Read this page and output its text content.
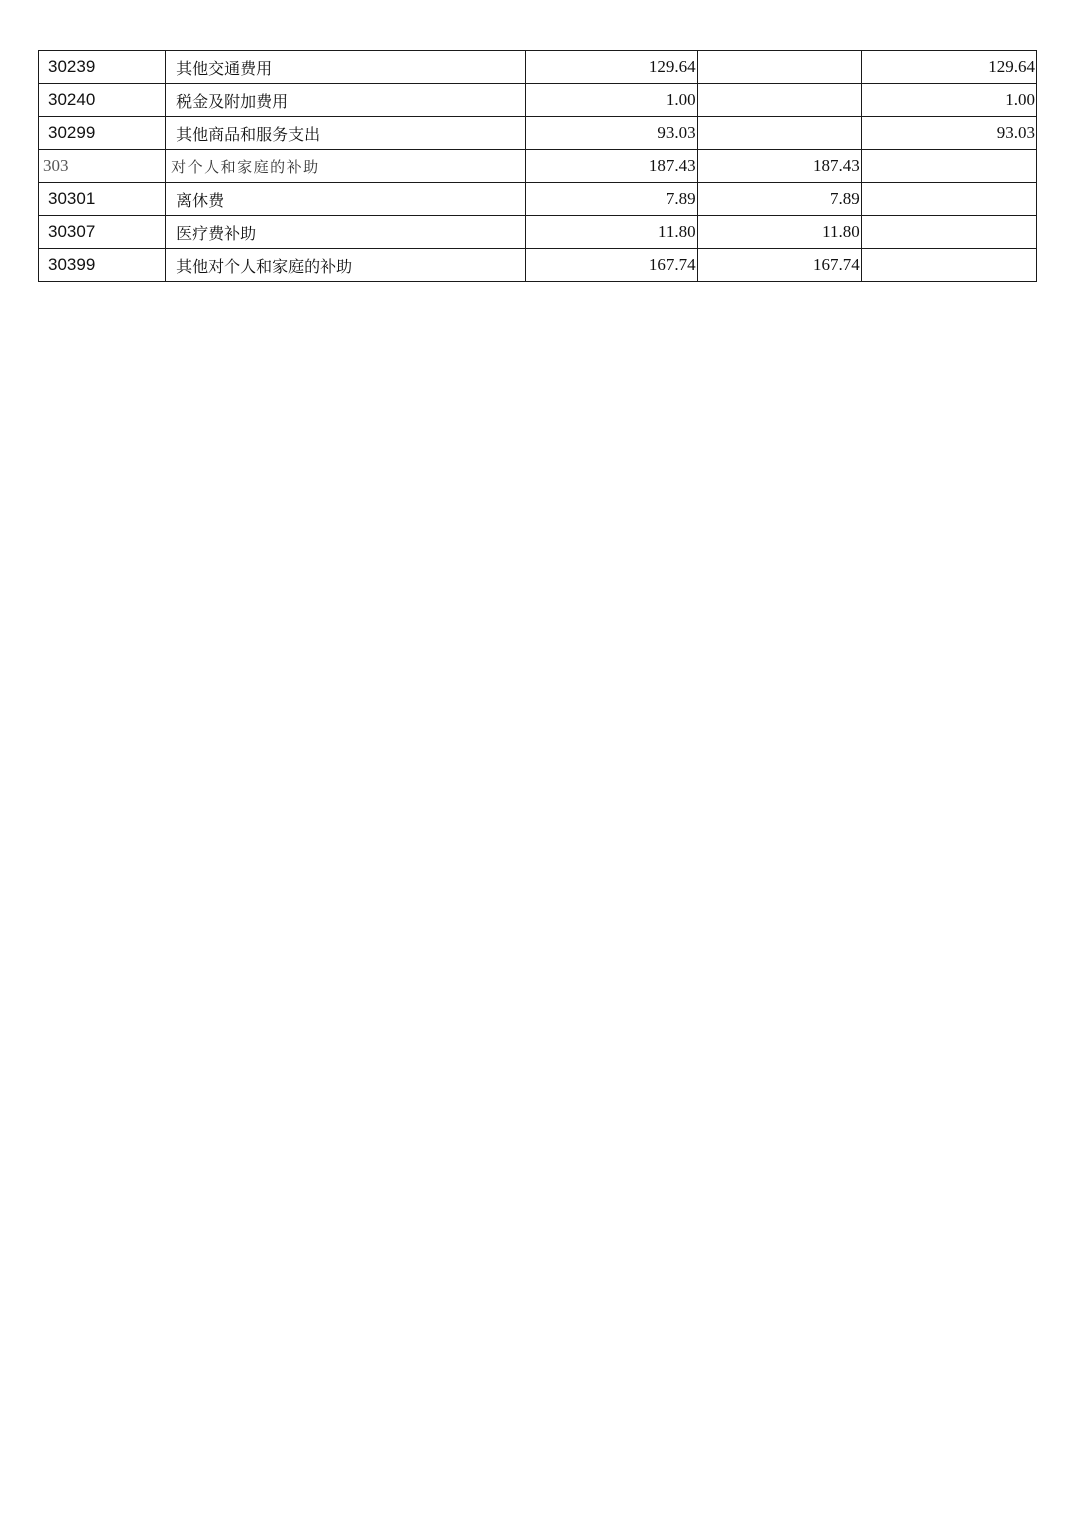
30239	其他交通费用	129.64		129.64
30240	税金及附加费用	1.00		1.00
30299	其他商品和服务支出	93.03		93.03
303	对个人和家庭的补助	187.43	187.43	
30301	离休费	7.89	7.89	
30307	医疗费补助	11.80	11.80	
30399	其他对个人和家庭的补助	167.74	167.74	
